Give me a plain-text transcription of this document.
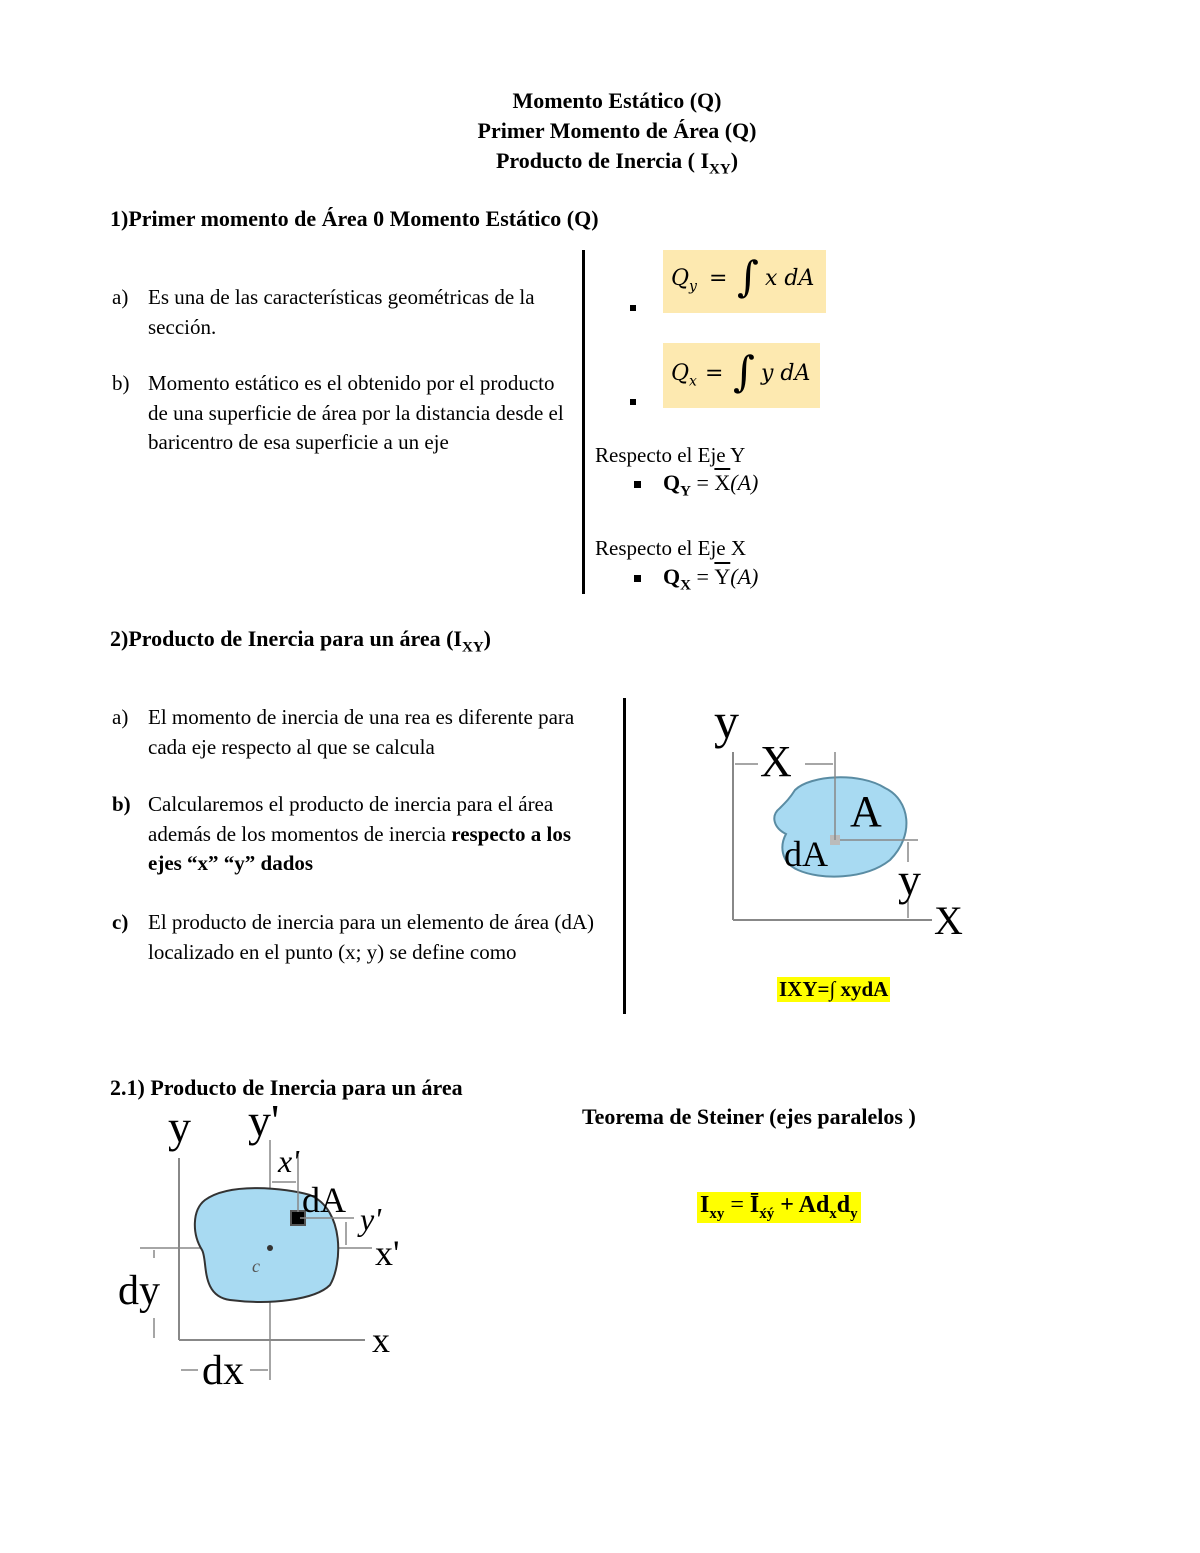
Momento Estático (Q)
Primer Momento de Área (Q)
Producto de Inercia ( $I_{XY}$)
1)Primer momento de Área 0 Momento Estático (Q)
a) Es una de las características geométricas de la sección.
b) Momento estático es el obtenido por el producto de una superficie de área por la distancia desde el baricentro de esa superficie a un eje
$Q_y$ = ∫ x dA
$Q_x$ = ∫ y dA
Respecto el Eje Y
$Q_Y = \overline{X}(A)$
Respecto el Eje X
$Q_X = \overline{Y}(A)$
2)Producto de Inercia para un área $(I_{XY})$
a) El momento de inercia de una rea es diferente para cada eje respecto al que se calcula
b) Calcularemos el producto de inercia para el área además de los momentos de inercia respecto a los ejes “x” “y” dados
c) El producto de inercia para un elemento de área (dA) localizado en el punto (x; y) se define como
y
X
A
dA y
X
IXY=∫ xydA
2.1) Producto de Inercia para un área
Teorema de Steiner (ejes paralelos )
y y'
x'
dA y'
x'
c
dy
x
dx
$I_{xy}$ = $Ī_{x́ý} + Ad_xd_y$
